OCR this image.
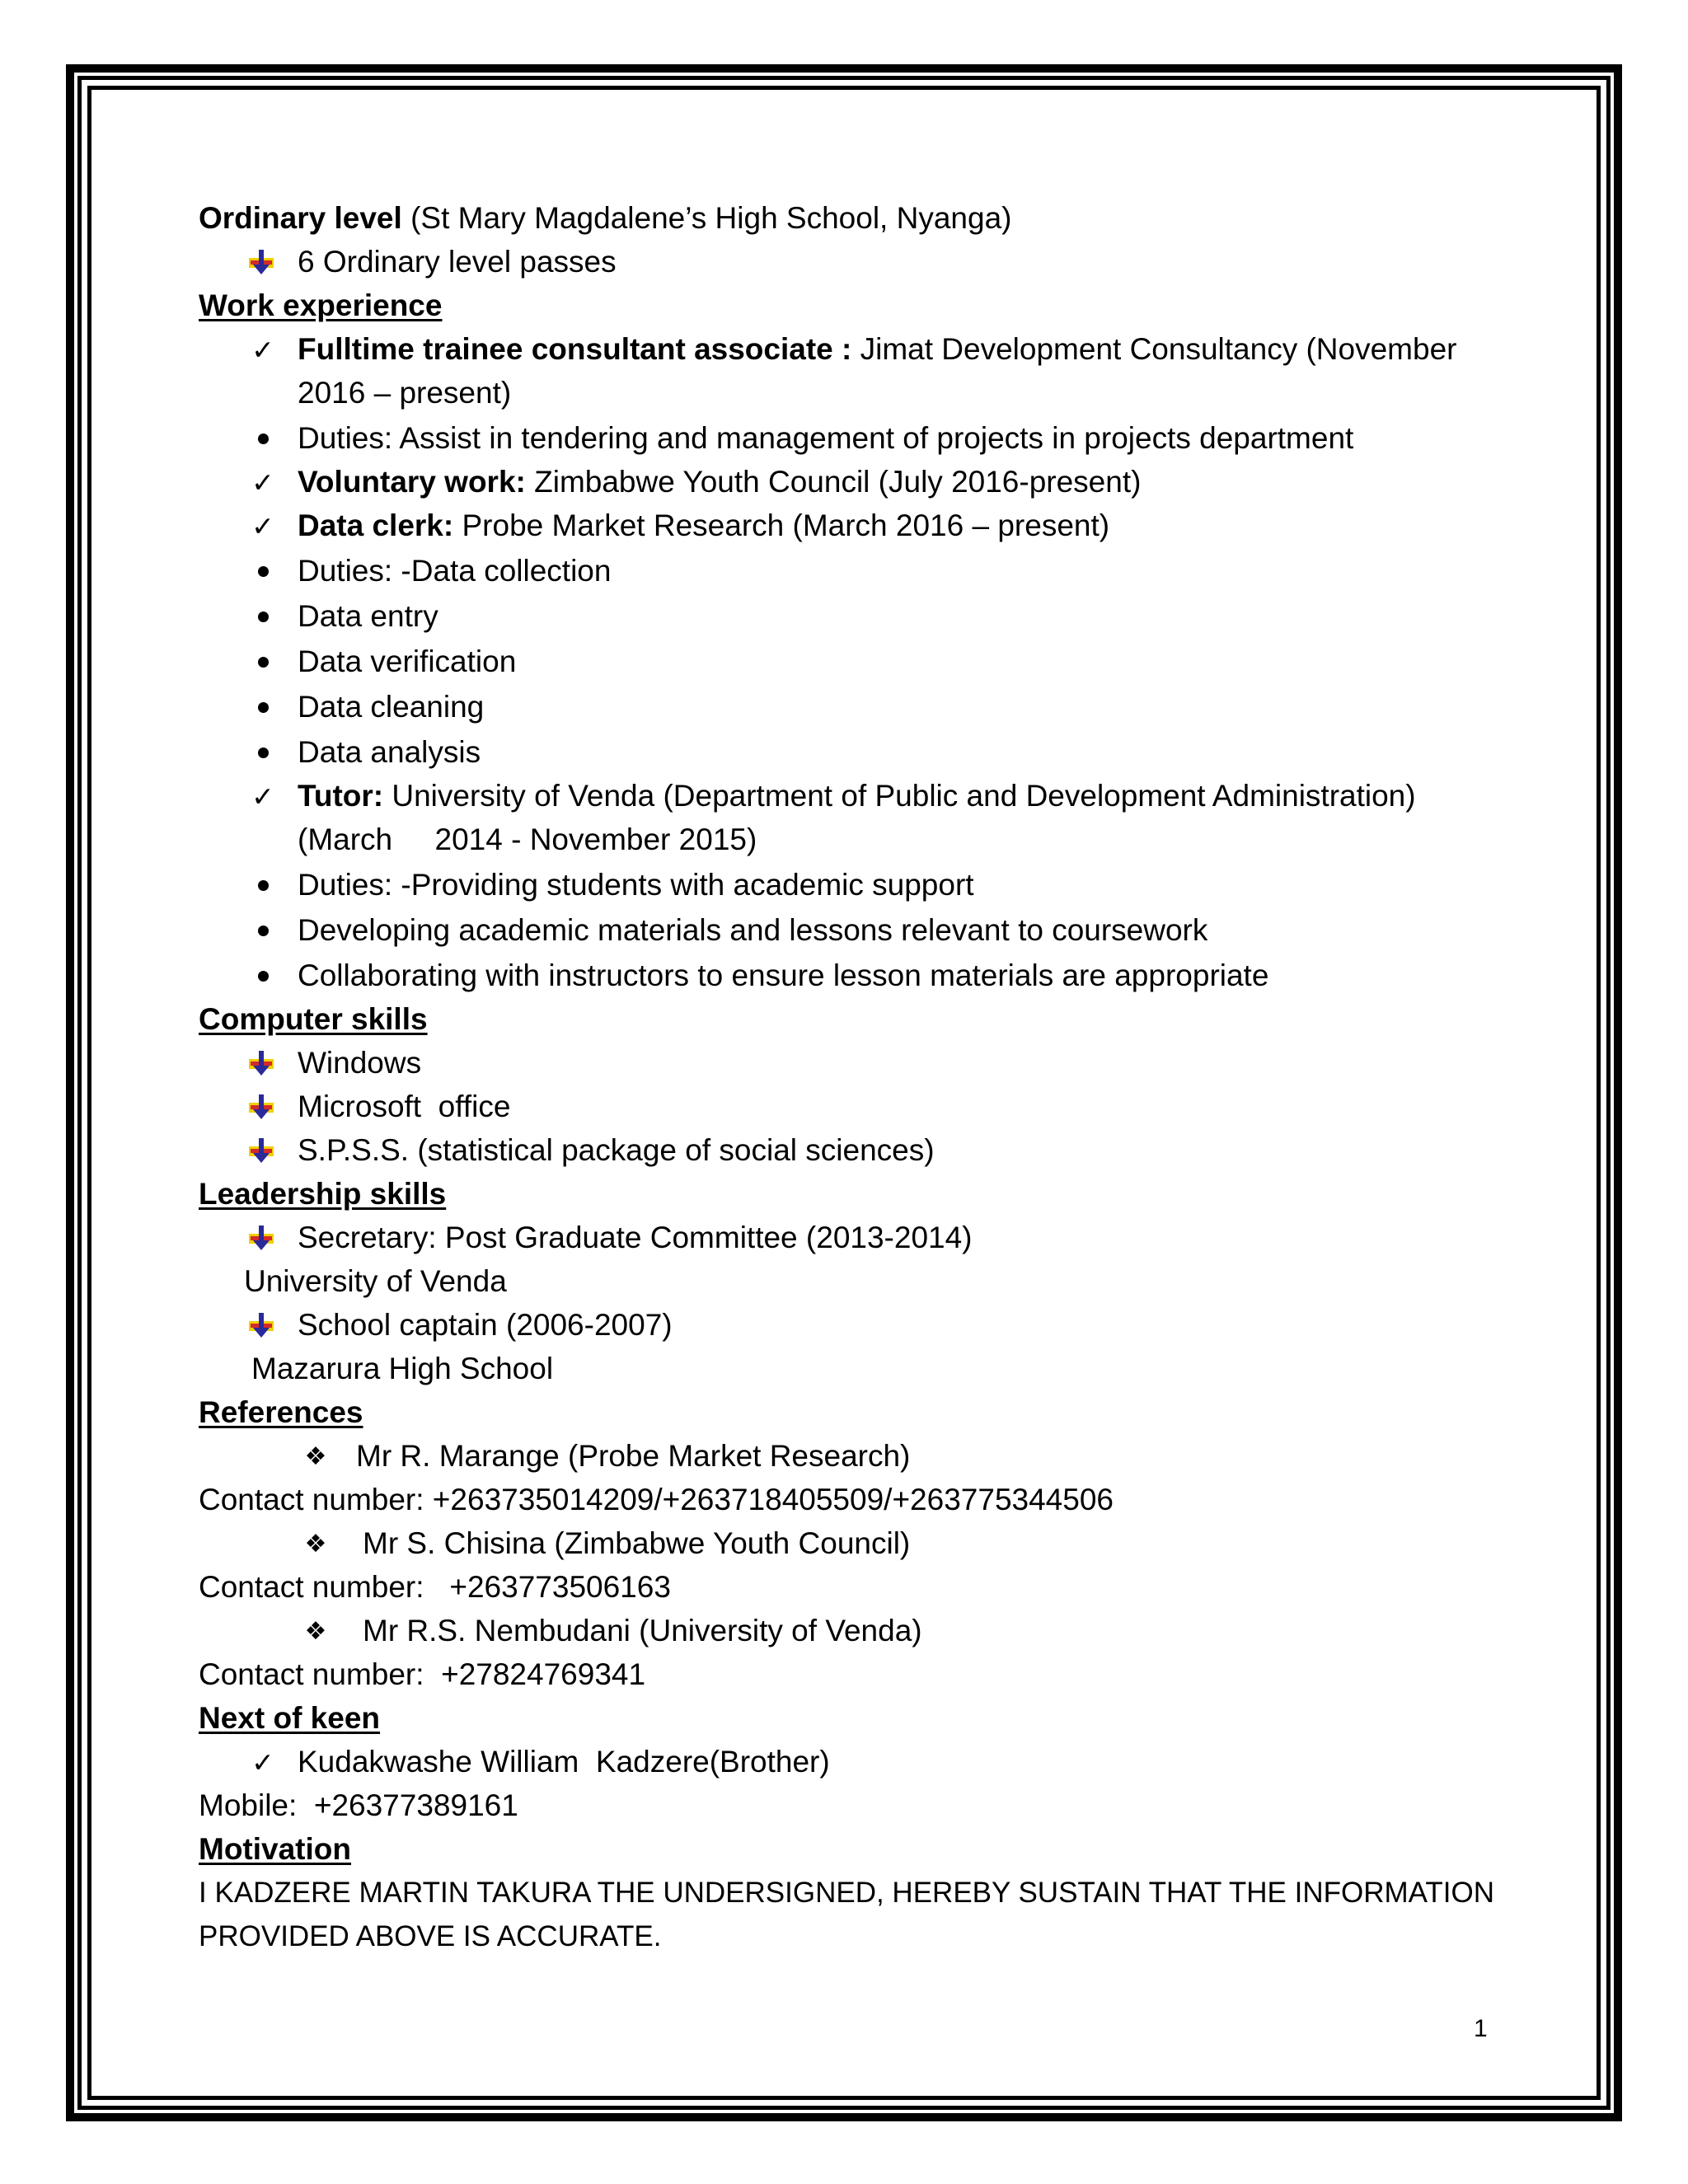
Ordinary level (St Mary Magdalene’s High School, Nyanga)
6 Ordinary level passes
Work experience
✓ Fulltime trainee consultant associate : Jimat Development Consultancy (November
2016 – present)
Duties: Assist in tendering and management of projects in projects department
✓ Voluntary work: Zimbabwe Youth Council (July 2016-present)
✓ Data clerk: Probe Market Research (March 2016 – present)
Duties: -Data collection
Data entry
Data verification
Data cleaning
Data analysis
✓ Tutor: University of Venda (Department of Public and Development Administration)
(March     2014 - November 2015)
Duties: -Providing students with academic support
Developing academic materials and lessons relevant to coursework
Collaborating with instructors to ensure lesson materials are appropriate
Computer skills
Windows
Microsoft  office
S.P.S.S. (statistical package of social sciences)
Leadership skills
Secretary: Post Graduate Committee (2013-2014)
University of Venda
School captain (2006-2007)
Mazarura High School
References
❖ Mr R. Marange (Probe Market Research)
Contact number: +263735014209/+263718405509/+263775344506
❖ Mr S. Chisina (Zimbabwe Youth Council)
Contact number:   +263773506163
❖ Mr R.S. Nembudani (University of Venda)
Contact number:  +27824769341
Next of keen
✓ Kudakwashe William  Kadzere(Brother)
Mobile:  +26377389161
Motivation
I KADZERE MARTIN TAKURA THE UNDERSIGNED, HEREBY SUSTAIN THAT THE INFORMATION
PROVIDED ABOVE IS ACCURATE.
1
